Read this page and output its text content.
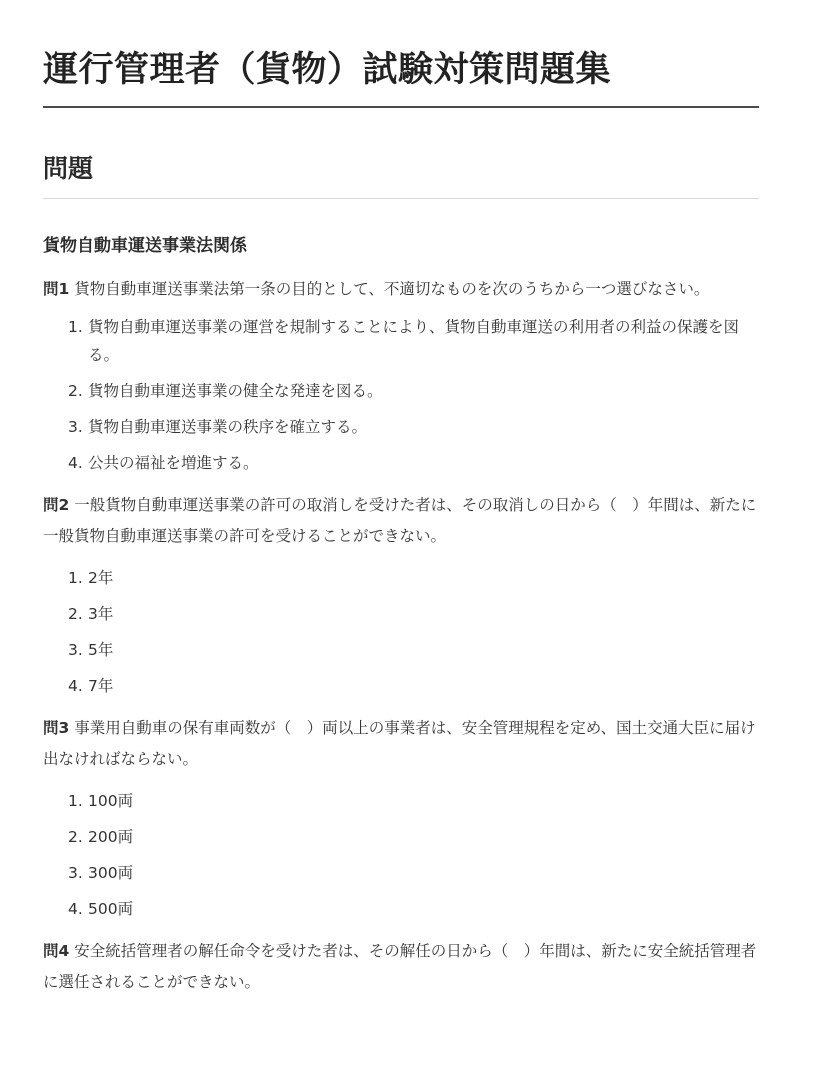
運行管理者（貨物）試験対策問題集
問題
貨物自動車運送事業法関係

問1 貨物自動車運送事業法第一条の目的として、不適切なものを次のうちから一つ選びなさい。

1. 貨物自動車運送事業の運営を規制することにより、貨物自動車運送の利用者の利益の保護を図る。
2. 貨物自動車運送事業の健全な発達を図る。
3. 貨物自動車運送事業の秩序を確立する。
4. 公共の福祉を増進する。

問2 一般貨物自動車運送事業の許可の取消しを受けた者は、その取消しの日から（　）年間は、新たに一般貨物自動車運送事業の許可を受けることができない。

1. 2年
2. 3年
3. 5年
4. 7年

問3 事業用自動車の保有車両数が（　）両以上の事業者は、安全管理規程を定め、国土交通大臣に届け出なければならない。

1. 100両
2. 200両
3. 300両
4. 500両

問4 安全統括管理者の解任命令を受けた者は、その解任の日から（　）年間は、新たに安全統括管理者に選任されることができない。
